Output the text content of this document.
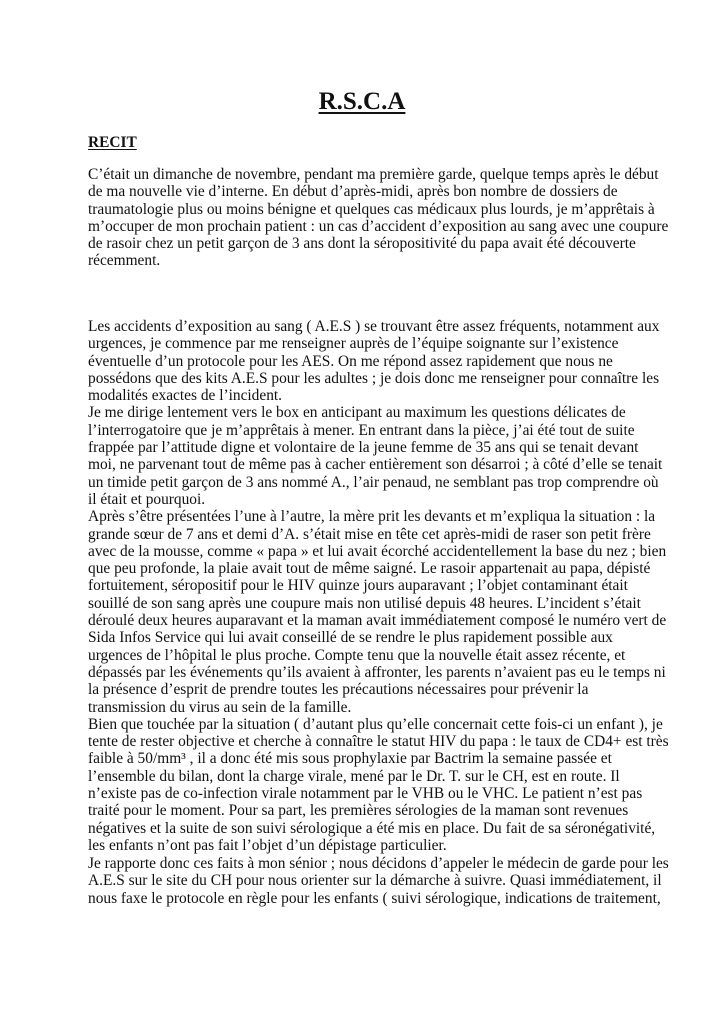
R.S.C.A
RECIT
C’était un dimanche de novembre, pendant ma première garde, quelque temps après le début
de ma nouvelle vie d’interne. En début d’après-midi, après bon nombre de dossiers de
traumatologie plus ou moins bénigne et quelques cas médicaux plus lourds, je m’apprêtais à
m’occuper de mon prochain patient : un cas d’accident d’exposition au sang avec une coupure
de rasoir chez un petit garçon de 3 ans dont la séropositivité du papa avait été découverte
récemment.
Les accidents d’exposition au sang ( A.E.S ) se trouvant être assez fréquents, notamment aux
urgences, je commence par me renseigner auprès de l’équipe soignante sur l’existence
éventuelle d’un protocole pour les AES. On me répond assez rapidement que nous ne
possédons que des kits A.E.S pour les adultes ; je dois donc me renseigner pour connaître les
modalités exactes de l’incident.
Je me dirige lentement vers le box en anticipant au maximum les questions délicates de
l’interrogatoire que je m’apprêtais à mener. En entrant dans la pièce, j’ai été tout de suite
frappée par l’attitude digne et volontaire de la jeune femme de 35 ans qui se tenait devant
moi, ne parvenant tout de même pas à cacher entièrement son désarroi ; à côté d’elle se tenait
un timide petit garçon de 3 ans nommé A., l’air penaud, ne semblant pas trop comprendre où
il était et pourquoi.
Après s’être présentées l’une à l’autre, la mère prit les devants et m’expliqua la situation : la
grande sœur de 7 ans et demi d’A. s’était mise en tête cet après-midi de raser son petit frère
avec de la mousse, comme « papa » et lui avait écorché accidentellement la base du nez ; bien
que peu profonde, la plaie avait tout de même saigné. Le rasoir appartenait au papa, dépisté
fortuitement, séropositif pour le HIV quinze jours auparavant ; l’objet contaminant était
souillé de son sang après une coupure mais non utilisé depuis 48 heures. L’incident s’était
déroulé deux heures auparavant et la maman avait immédiatement composé le numéro vert de
Sida Infos Service qui lui avait conseillé de se rendre le plus rapidement possible aux
urgences de l’hôpital le plus proche. Compte tenu que la nouvelle était assez récente, et
dépassés par les événements qu’ils avaient à affronter, les parents n’avaient pas eu le temps ni
la présence d’esprit de prendre toutes les précautions nécessaires pour prévenir la
transmission du virus au sein de la famille.
Bien que touchée par la situation ( d’autant plus qu’elle concernait cette fois-ci un enfant ), je
tente de rester objective et cherche à connaître le statut HIV du papa : le taux de CD4+ est très
faible à 50/mm³ , il a donc été mis sous prophylaxie par Bactrim la semaine passée et
l’ensemble du bilan, dont la charge virale, mené par le Dr. T. sur le CH, est en route. Il
n’existe pas de co-infection virale notamment par le VHB ou le VHC. Le patient n’est pas
traité pour le moment. Pour sa part, les premières sérologies de la maman sont revenues
négatives et la suite de son suivi sérologique a été mis en place. Du fait de sa séronégativité,
les enfants n’ont pas fait l’objet d’un dépistage particulier.
Je rapporte donc ces faits à mon sénior ; nous décidons d’appeler le médecin de garde pour les
A.E.S sur le site du CH pour nous orienter sur la démarche à suivre. Quasi immédiatement, il
nous faxe le protocole en règle pour les enfants ( suivi sérologique, indications de traitement,
